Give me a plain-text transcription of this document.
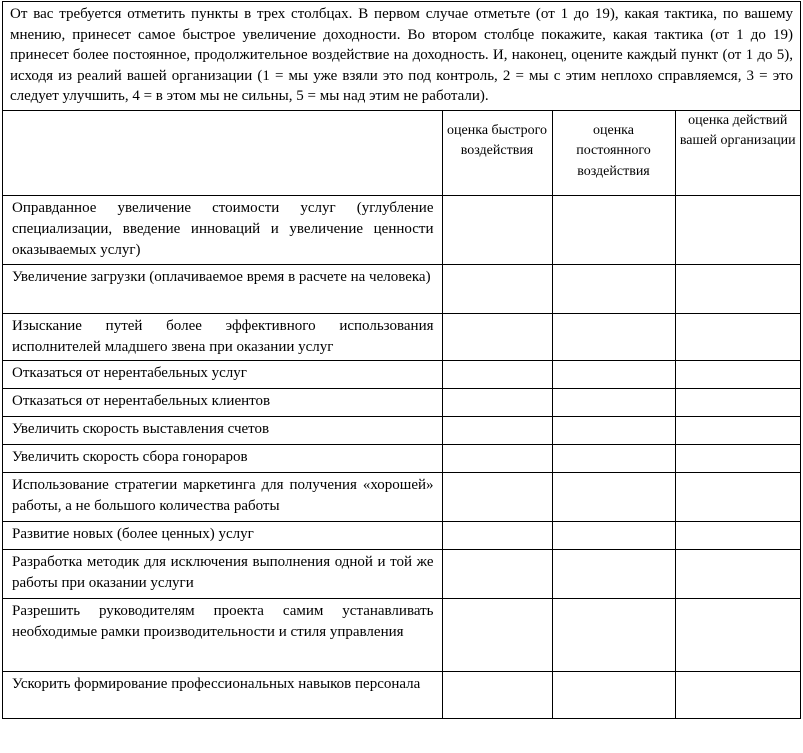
От вас требуется отметить пункты в трех столбцах. В первом случае отметьте (от 1 до 19), какая тактика, по вашему мнению, принесет самое быстрое увеличение доходности. Во втором столбце покажите, какая тактика (от 1 до 19) принесет более постоянное, продолжительное воздействие на доходность. И, наконец, оцените каждый пункт (от 1 до 5), исходя из реалий вашей организации (1 = мы уже взяли это под контроль, 2 = мы с этим неплохо справляемся, 3 = это следует улучшить, 4 = в этом мы не сильны, 5 = мы над этим не работали).
	оценка быстрого воздействия	оценка постоянного воздействия	оценка действий вашей организации
Оправданное увеличение стоимости услуг (углубление специализации, введение инноваций и увеличение ценности оказываемых услуг)			
Увеличение загрузки (оплачиваемое время в расчете на человека)			
Изыскание путей более эффективного использования исполнителей младшего звена при оказании услуг			
Отказаться от нерентабельных услуг			
Отказаться от нерентабельных клиентов			
Увеличить скорость выставления счетов			
Увеличить скорость сбора гонораров			
Использование стратегии маркетинга для получения «хорошей» работы, а не большого количества работы			
Развитие новых (более ценных) услуг			
Разработка методик для исключения выполнения одной и той же работы при оказании услуги			
Разрешить руководителям проекта самим устанавливать необходимые рамки производительности и стиля управления			
Ускорить формирование профессиональных навыков персонала			
